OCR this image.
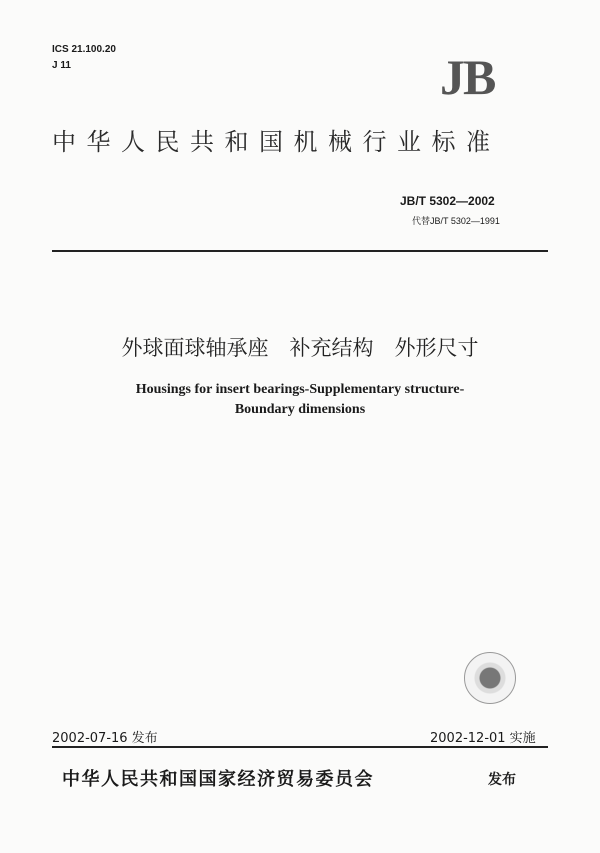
ICS 21.100.20
J 11	JB
中华人民共和国机械行业标准
JB/T 5302—2002
代替JB/T 5302—1991
外球面球轴承座　补充结构　外形尺寸
Housings for insert bearings-Supplementary structure-
Boundary dimensions
2002-07-16 发布	2002-12-01 实施
中华人民共和国国家经济贸易委员会	发布
